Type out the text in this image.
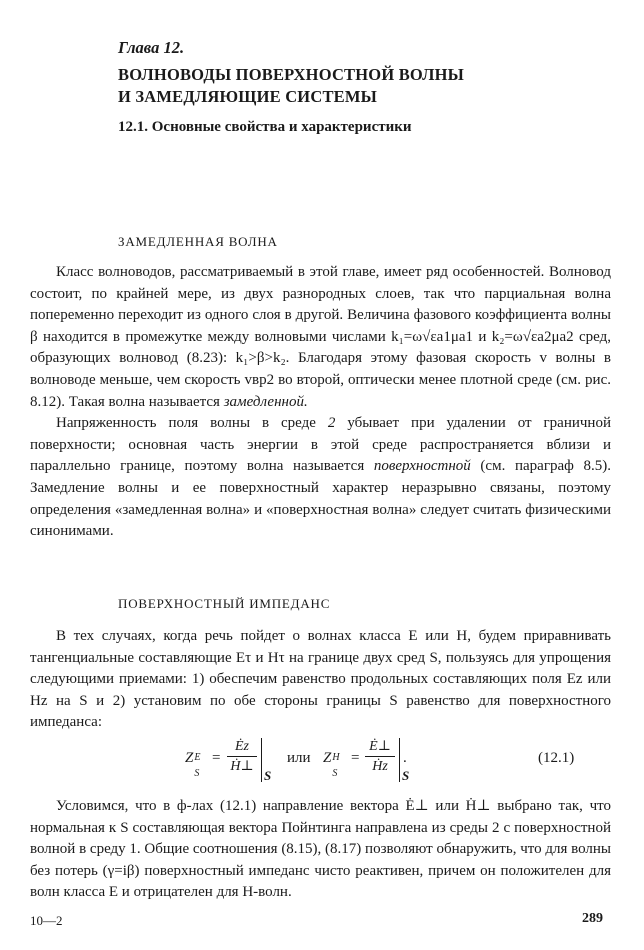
Глава 12.
ВОЛНОВОДЫ ПОВЕРХНОСТНОЙ ВОЛНЫ
И ЗАМЕДЛЯЮЩИЕ СИСТЕМЫ
12.1. Основные свойства и характеристики
ЗАМЕДЛЕННАЯ ВОЛНА

Класс волноводов, рассматриваемый в этой главе, имеет ряд особенностей. Волновод состоит, по крайней мере, из двух разнородных слоев, так что парциальная волна попеременно переходит из одного слоя в другой. Величина фазового коэффициента волны β находится в промежутке между волновыми числами k₁=ω√εa1μa1 и k₂=ω√εa2μa2 сред, образующих волновод (8.23): k₁>β>k₂. Благодаря этому фазовая скорость v волны в волноводе меньше, чем скорость vвр2 во второй, оптически менее плотной среде (см. рис. 8.12). Такая волна называется замедленной.

Напряженность поля волны в среде 2 убывает при удалении от граничной поверхности; основная часть энергии в этой среде распространяется вблизи и параллельно границе, поэтому волна называется поверхностной (см. параграф 8.5). Замедление волны и ее поверхностный характер неразрывно связаны, поэтому определения «замедленная волна» и «поверхностная волна» следует считать физическими синонимами.

ПОВЕРХНОСТНЫЙ ИМПЕДАНС

В тех случаях, когда речь пойдет о волнах класса E или H, будем приравнивать тангенциальные составляющие Eτ и Hτ на границе двух сред S, пользуясь для упрощения следующими приемами: 1) обеспечим равенство продольных составляющих поля Ez или Hz на S и 2) установим по обе стороны границы S равенство для поверхностного импеданса:

Z E
S
=
Ėz
Ḣ⊥
S
или Z H
S
=
Ė⊥
Ḣz
.
S
(12.1)

Условимся, что в ф-лах (12.1) направление вектора Ė⊥ или Ḣ⊥ выбрано так, что нормальная к S составляющая вектора Пойнтинга направлена из среды 2 с поверхностной волной в среду 1. Общие соотношения (8.15), (8.17) позволяют обнаружить, что для волны без потерь (γ=iβ) поверхностный импеданс чисто реактивен, причем он положителен для волн класса E и отрицателен для H-волн.

10—2	289
